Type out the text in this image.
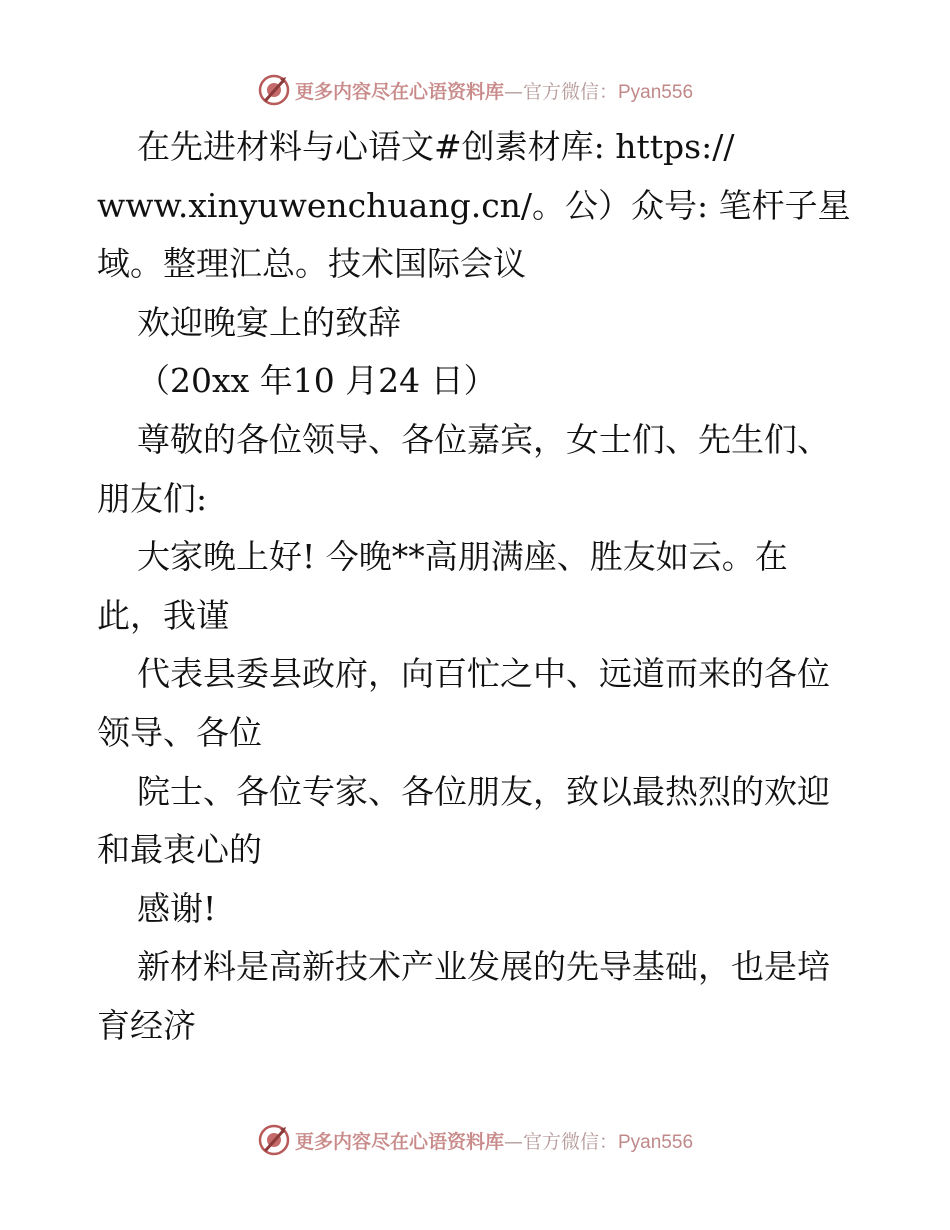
更多内容尽在心语资料库—官方微信：Pyan556
在先进材料与心语文#创素材库: https://
www.xinyuwenchuang.cn/。公）众号: 笔杆子星
域。整理汇总。技术国际会议
欢迎晚宴上的致辞
（20xx 年10 月24 日）
尊敬的各位领导、各位嘉宾，女士们、先生们、
朋友们:
大家晚上好! 今晚**高朋满座、胜友如云。在
此，我谨
代表县委县政府，向百忙之中、远道而来的各位
领导、各位
院士、各位专家、各位朋友，致以最热烈的欢迎
和最衷心的
感谢!
新材料是高新技术产业发展的先导基础，也是培
育经济
更多内容尽在心语资料库—官方微信：Pyan556
